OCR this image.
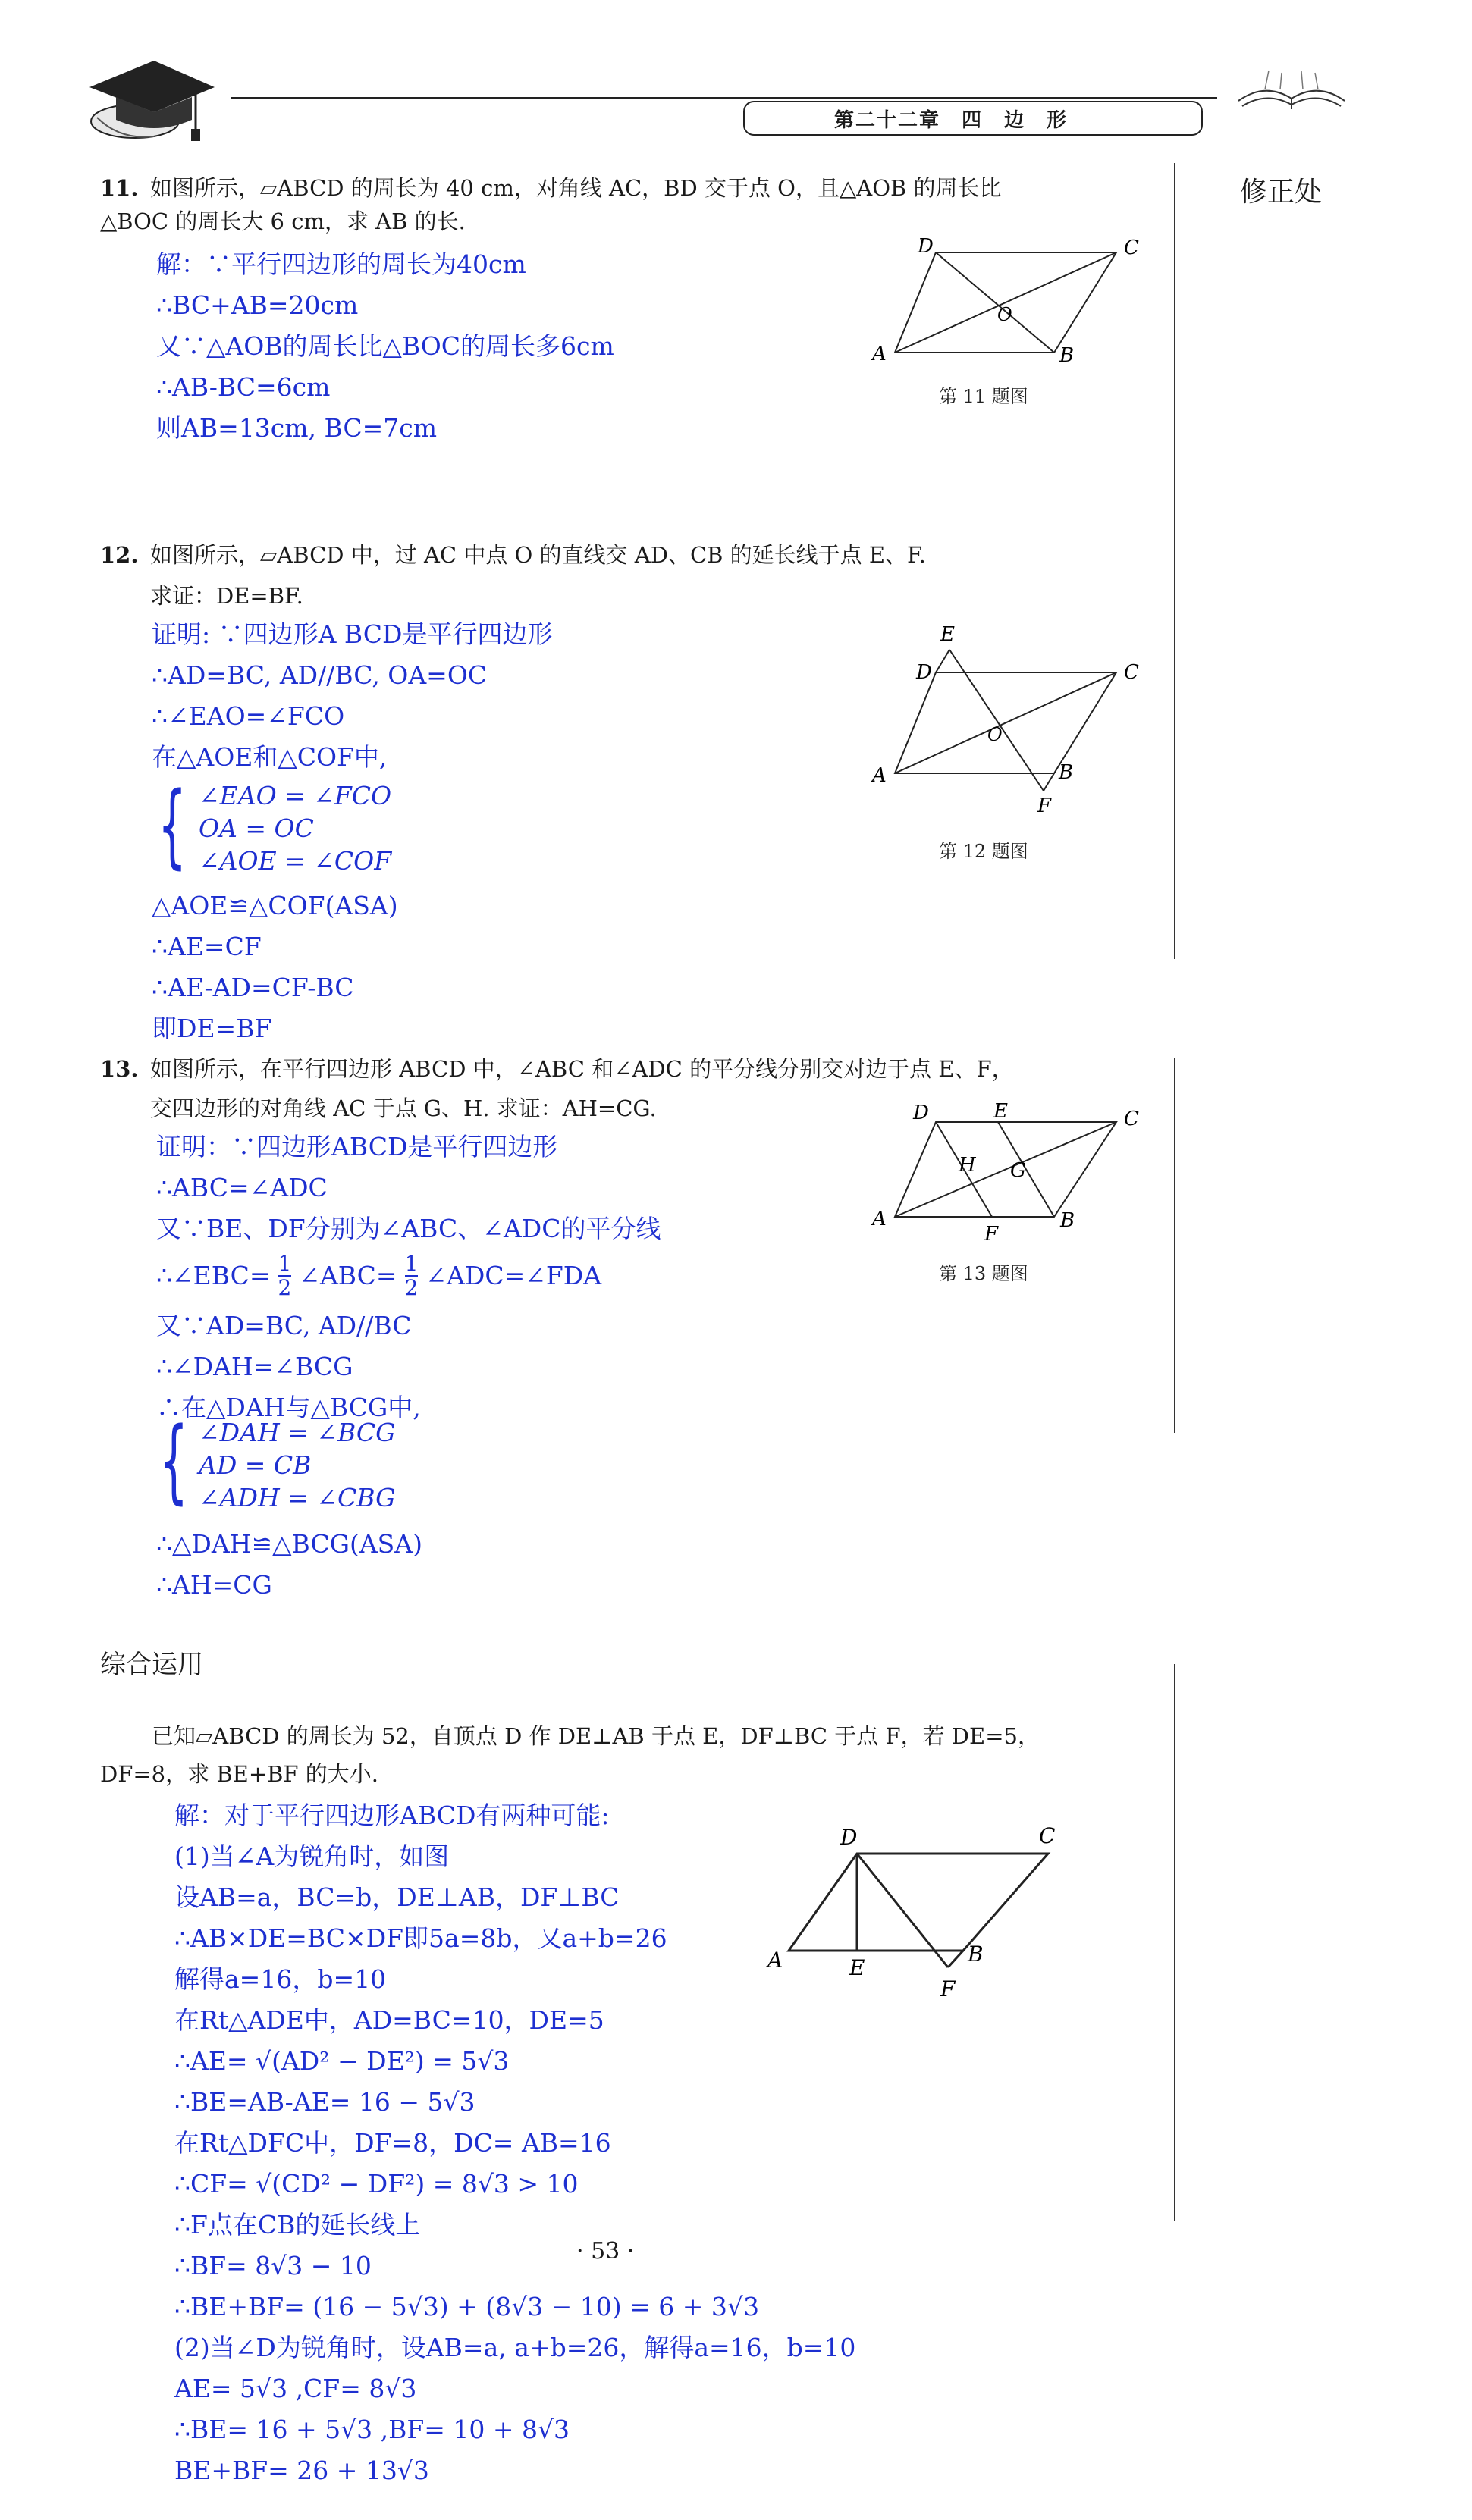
第二十二章　四　边　形
修正处
11. 如图所示，▱ABCD 的周长为 40 cm，对角线 AC，BD 交于点 O，且△AOB 的周长比
△BOC 的周长大 6 cm，求 AB 的长.
解：∵平行四边形的周长为40cm
∴BC+AB=20cm
又∵△AOB的周长比△BOC的周长多6cm
∴AB-BC=6cm
则AB=13cm, BC=7cm
A	B
C
D
O
第 11 题图
12. 如图所示，▱ABCD 中，过 AC 中点 O 的直线交 AD、CB 的延长线于点 E、F.
求证：DE=BF.
证明: ∵四边形A BCD是平行四边形
∴AD=BC, AD//BC, OA=OC
∴∠EAO=∠FCO
在△AOE和△COF中,
{ ∠EAO = ∠FCO
OA = OC
∠AOE = ∠COF
△AOE≌△COF(ASA)
∴AE=CF
∴AE-AD=CF-BC
即DE=BF
E
D	C
A	B
F
O
第 12 题图
13. 如图所示，在平行四边形 ABCD 中，∠ABC 和∠ADC 的平分线分别交对边于点 E、F，
交四边形的对角线 AC 于点 G、H. 求证：AH=CG.
证明：∵四边形ABCD是平行四边形
∴ABC=∠ADC
又∵BE、DF分别为∠ABC、∠ADC的平分线
∴∠EBC= $\frac{1}{2}$ ∠ABC= $\frac{1}{2}$ ∠ADC=∠FDA
又∵AD=BC, AD//BC
∴∠DAH=∠BCG
∴在△DAH与△BCG中,
{ ∠DAH = ∠BCG
AD = CB
∠ADH = ∠CBG
∴△DAH≌△BCG(ASA)
∴AH=CG
D	E	C
H G
A
F
B
第 13 题图
综合运用
已知▱ABCD 的周长为 52，自顶点 D 作 DE⊥AB 于点 E，DF⊥BC 于点 F，若 DE=5，
DF=8，求 BE+BF 的大小.
解：对于平行四边形ABCD有两种可能:
(1)当∠A为锐角时，如图
设AB=a，BC=b，DE⊥AB，DF⊥BC
∴AB×DE=BC×DF即5a=8b，又a+b=26
解得a=16，b=10
在Rt△ADE中，AD=BC=10，DE=5
∴AE= √(AD² − DE²) = 5√3
∴BE=AB-AE= 16 − 5√3
在Rt△DFC中，DF=8，DC= AB=16
∴CF= √(CD² − DF²) = 8√3 > 10
∴F点在CB的延长线上
∴BF= 8√3 − 10
∴BE+BF= (16 − 5√3) + (8√3 − 10) = 6 + 3√3
(2)当∠D为锐角时，设AB=a, a+b=26，解得a=16，b=10
AE= 5√3 ,CF= 8√3
∴BE= 16 + 5√3 ,BF= 10 + 8√3
BE+BF= 26 + 13√3
D	C
A	E
B
F
· 53 ·
